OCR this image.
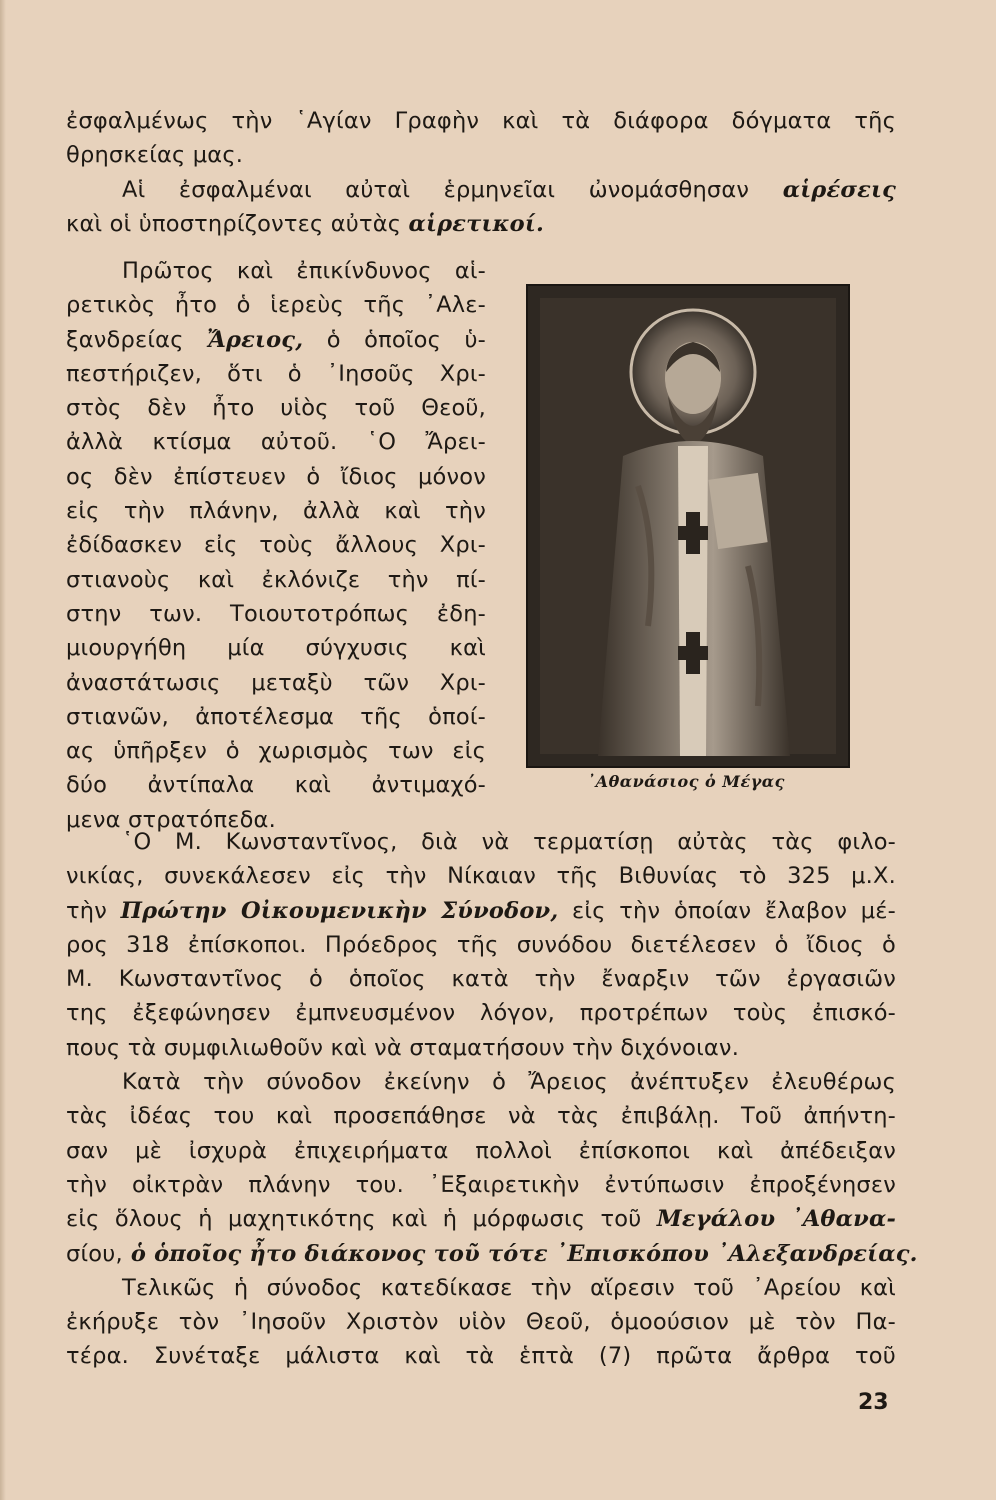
ἐσφαλμένως τὴν ῾Αγίαν Γραφὴν καὶ τὰ διάφορα δόγματα τῆς
θρησκείας μας.
Αἱ ἐσφαλμέναι αὐταὶ ἑρμηνεῖαι ὠνομάσθησαν αἱρέσεις
καὶ οἱ ὑποστηρίζοντες αὐτὰς αἱρετικοί.
Πρῶτος καὶ ἐπικίνδυνος αἱ-
ρετικὸς ἦτο ὁ ἱερεὺς τῆς ᾿Αλε-
ξανδρείας Ἄρειος, ὁ ὁποῖος ὑ-
πεστήριζεν, ὅτι ὁ ᾿Ιησοῦς Χρι-
στὸς δὲν ἦτο υἱὸς τοῦ Θεοῦ,
ἀλλὰ κτίσμα αὐτοῦ. ῾Ο Ἄρει-
ος δὲν ἐπίστευεν ὁ ἴδιος μόνον
εἰς τὴν πλάνην, ἀλλὰ καὶ τὴν
ἐδίδασκεν εἰς τοὺς ἄλλους Χρι-
στιανοὺς καὶ ἐκλόνιζε τὴν πί-
στην των. Τοιουτοτρόπως ἐδη-
μιουργήθη μία σύγχυσις καὶ
ἀναστάτωσις μεταξὺ τῶν Χρι-
στιανῶν, ἀποτέλεσμα τῆς ὁποί-
ας ὑπῆρξεν ὁ χωρισμὸς των εἰς
δύο ἀντίπαλα καὶ ἀντιμαχό-
μενα στρατόπεδα.
᾿Αθανάσιος ὁ Μέγας
῾Ο Μ. Κωνσταντῖνος, διὰ νὰ τερματίσῃ αὐτὰς τὰς φιλο-
νικίας, συνεκάλεσεν εἰς τὴν Νίκαιαν τῆς Βιθυνίας τὸ 325 μ.Χ.
τὴν Πρώτην Οἰκουμενικὴν Σύνοδον, εἰς τὴν ὁποίαν ἔλαβον μέ-
ρος 318 ἐπίσκοποι. Πρόεδρος τῆς συνόδου διετέλεσεν ὁ ἴδιος ὁ
Μ. Κωνσταντῖνος ὁ ὁποῖος κατὰ τὴν ἔναρξιν τῶν ἐργασιῶν
της ἐξεφώνησεν ἐμπνευσμένον λόγον, προτρέπων τοὺς ἐπισκό-
πους τὰ συμφιλιωθοῦν καὶ νὰ σταματήσουν τὴν διχόνοιαν.
Κατὰ τὴν σύνοδον ἐκείνην ὁ Ἄρειος ἀνέπτυξεν ἐλευθέρως
τὰς ἰδέας του καὶ προσεπάθησε νὰ τὰς ἐπιβάλῃ. Τοῦ ἀπήντη-
σαν μὲ ἰσχυρὰ ἐπιχειρήματα πολλοὶ ἐπίσκοποι καὶ ἀπέδειξαν
τὴν οἰκτρὰν πλάνην του. ᾿Εξαιρετικὴν ἐντύπωσιν ἐπροξένησεν
εἰς ὅλους ἡ μαχητικότης καὶ ἡ μόρφωσις τοῦ Μεγάλου ᾿Αθανα-
σίου, ὁ ὁποῖος ἦτο διάκονος τοῦ τότε ᾿Επισκόπου ᾿Αλεξανδρείας.
Τελικῶς ἡ σύνοδος κατεδίκασε τὴν αἵρεσιν τοῦ ᾿Αρείου καὶ
ἐκήρυξε τὸν ᾿Ιησοῦν Χριστὸν υἱὸν Θεοῦ, ὁμοούσιον μὲ τὸν Πα-
τέρα. Συνέταξε μάλιστα καὶ τὰ ἑπτὰ (7) πρῶτα ἄρθρα τοῦ
23
